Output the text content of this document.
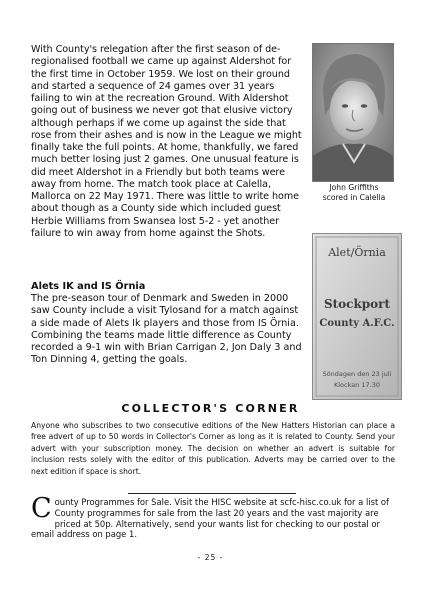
With County's relegation after the first season of de-regionalised football we came up against Aldershot for the first time in October 1959. We lost on their ground and started a sequence of 24 games over 31 years failing to win at the recreation Ground. With Aldershot going out of business we never got that elusive victory although perhaps if we come up against the side that rose from their ashes and is now in the League we might finally take the full points. At home, thankfully, we fared much better losing just 2 games. One unusual feature is did meet Aldershot in a Friendly but both teams were away from home. The match took place at Calella, Mallorca on 22 May 1971. There was little to write home about though as a County side which included guest Herbie Williams from Swansea lost 5-2 - yet another failure to win away from home against the Shots.

John Griffiths
scored in Calella
Alets IK and IS Örnia

The pre-season tour of Denmark and Sweden in 2000 saw County include a visit Tylosand for a match against a side made of Alets Ik players and those from IS Örnia. Combining the teams made little difference as County recorded a 9-1 win with Brian Carrigan 2, Jon Daly 3 and Ton Dinning 4, getting the goals.

Alet/Örnia
Stockport
County A.F.C.
Söndagen den 23 juli
Klockan 17.30
COLLECTOR'S CORNER
Anyone who subscribes to two consecutive editions of the New Hatters Historian can place a free advert of up to 50 words in Collector's Corner as long as it is related to County. Send your advert with your subscription money. The decision on whether an advert is suitable for inclusion rests solely with the editor of this publication. Adverts may be carried over to the next edition if space is short.
C ounty Programmes for Sale. Visit the HISC website at scfc-hisc.co.uk for a list of County programmes for sale from the last 20 years and the vast majority are priced at 50p. Alternatively, send your wants list for checking to our postal or email address on page 1.
- 25 -
